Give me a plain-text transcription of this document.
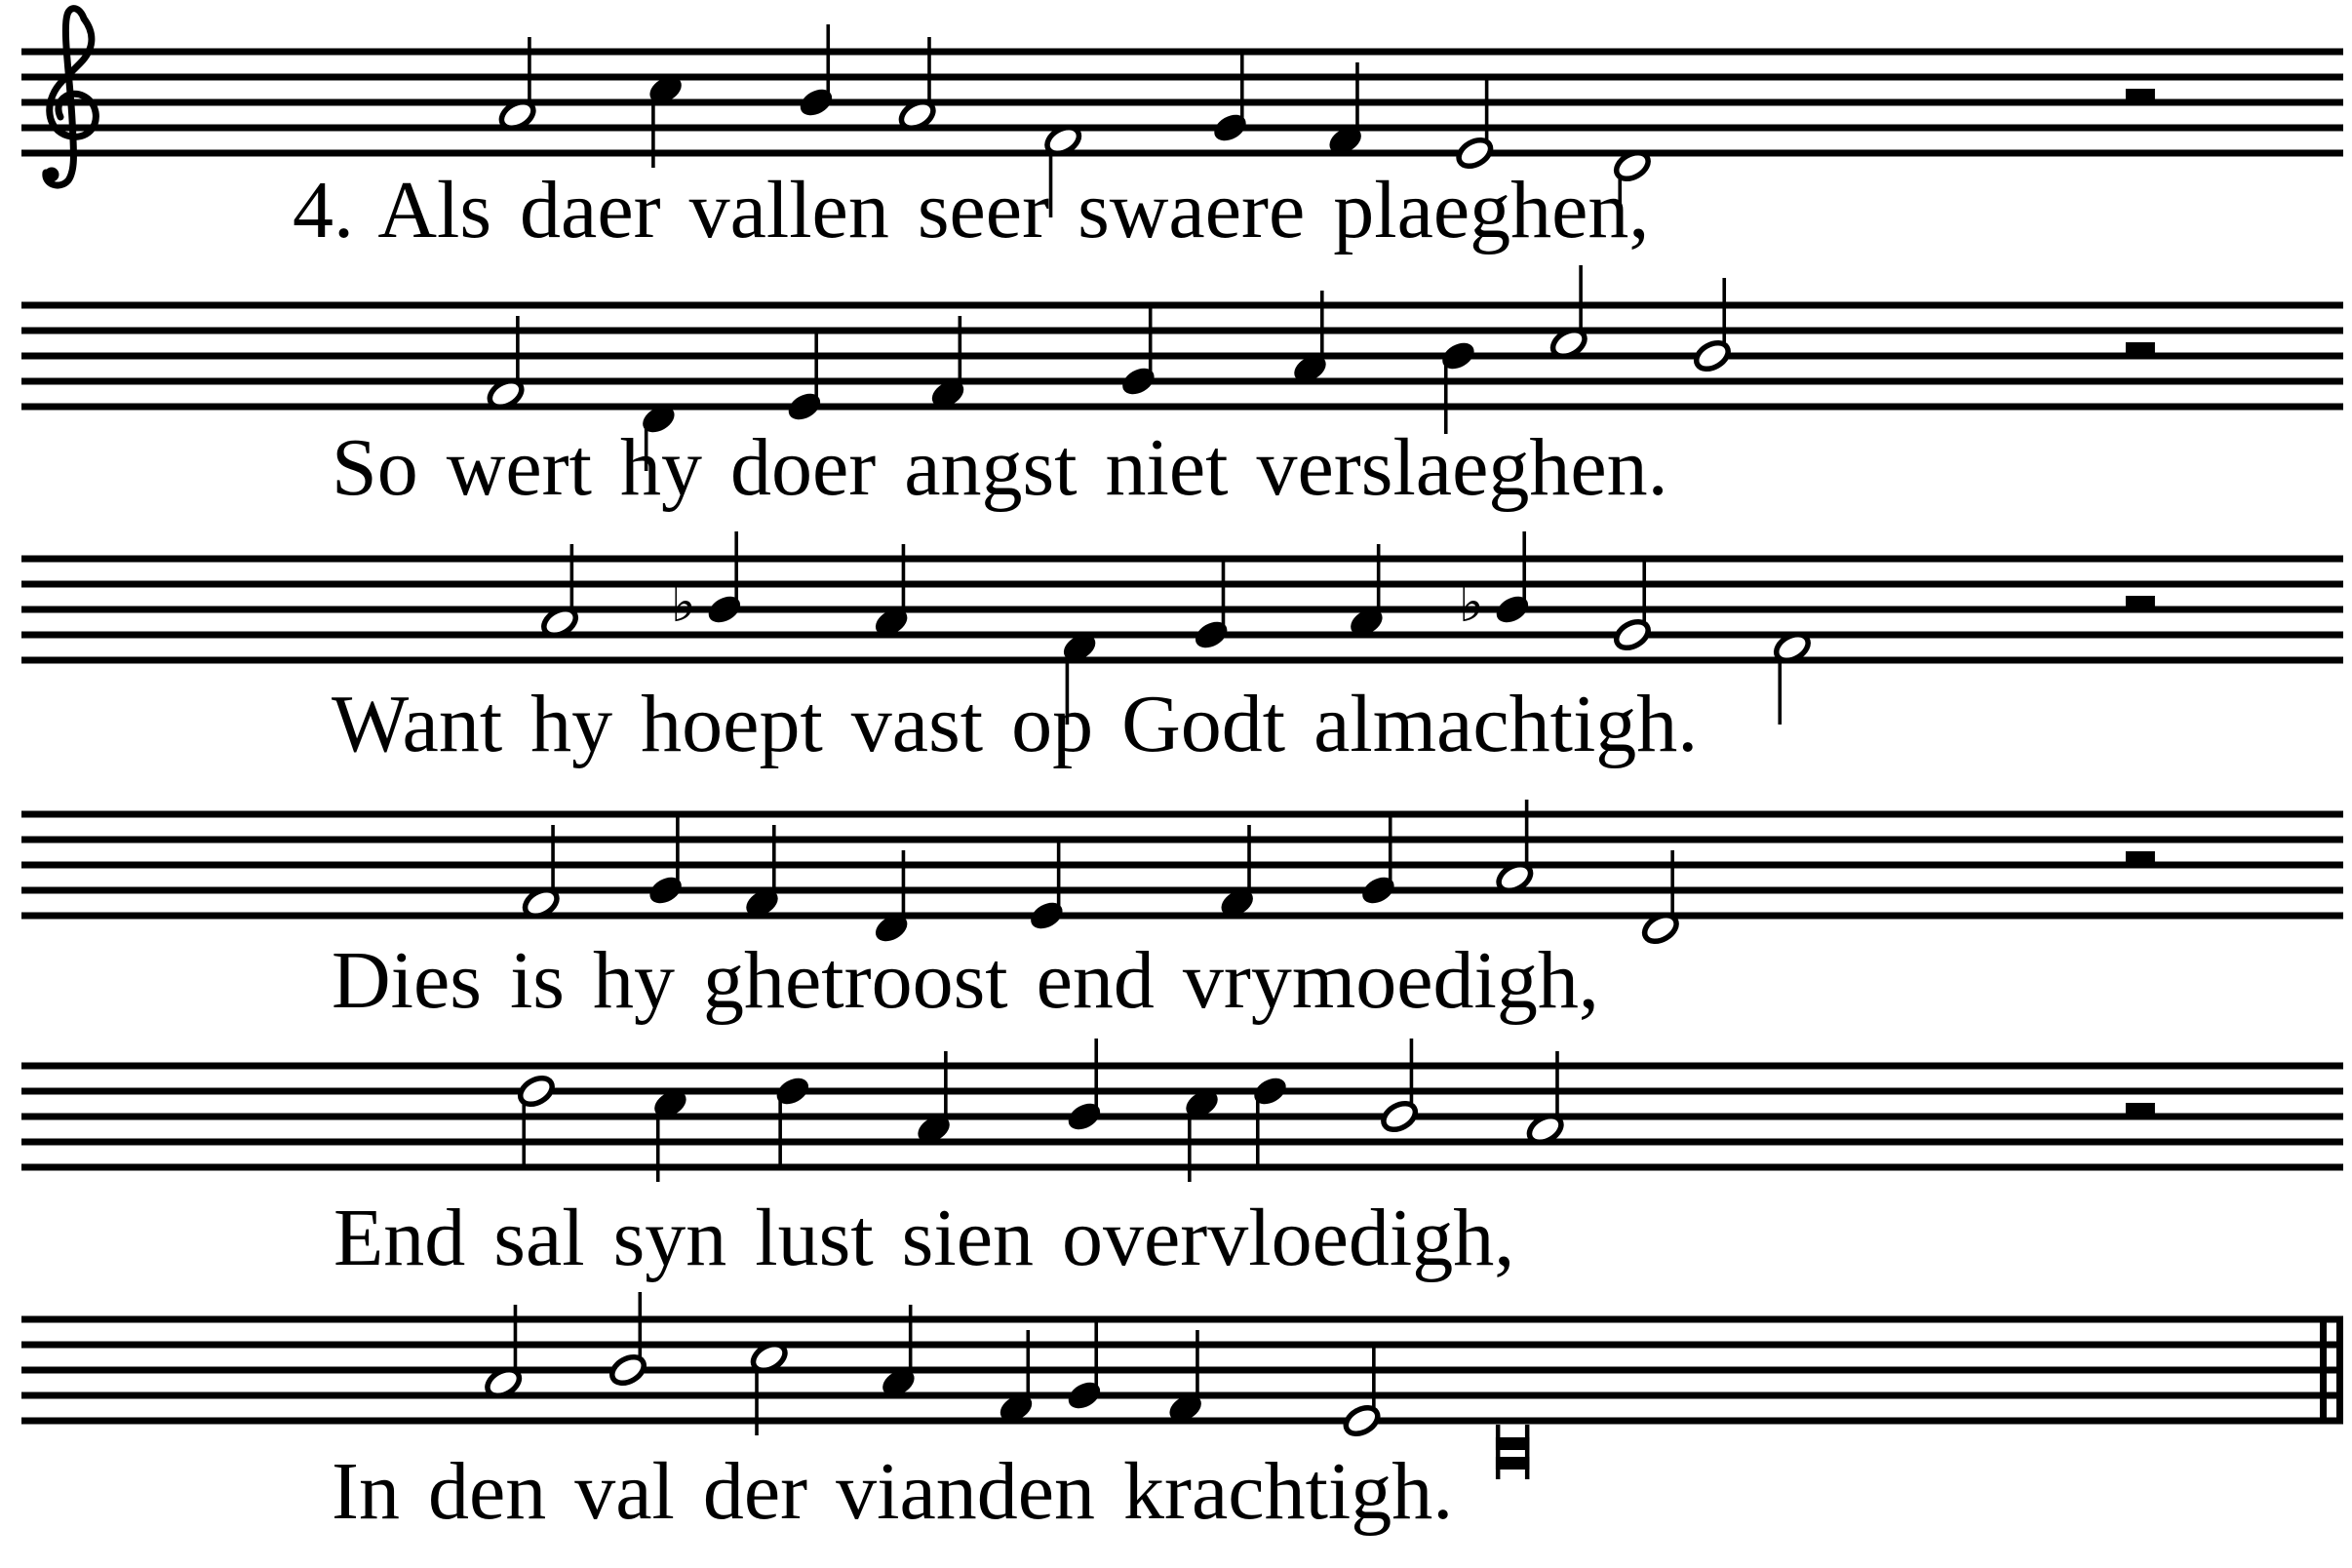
4. Als daer vallen seer swaere plaeghen,
So wert hy doer angst niet verslaeghen.
♭	♭
Want hy hoept vast op Godt almachtigh.
Dies is hy ghetroost end vrymoedigh,
End sal syn lust sien overvloedigh,
In den val der vianden krachtigh.
